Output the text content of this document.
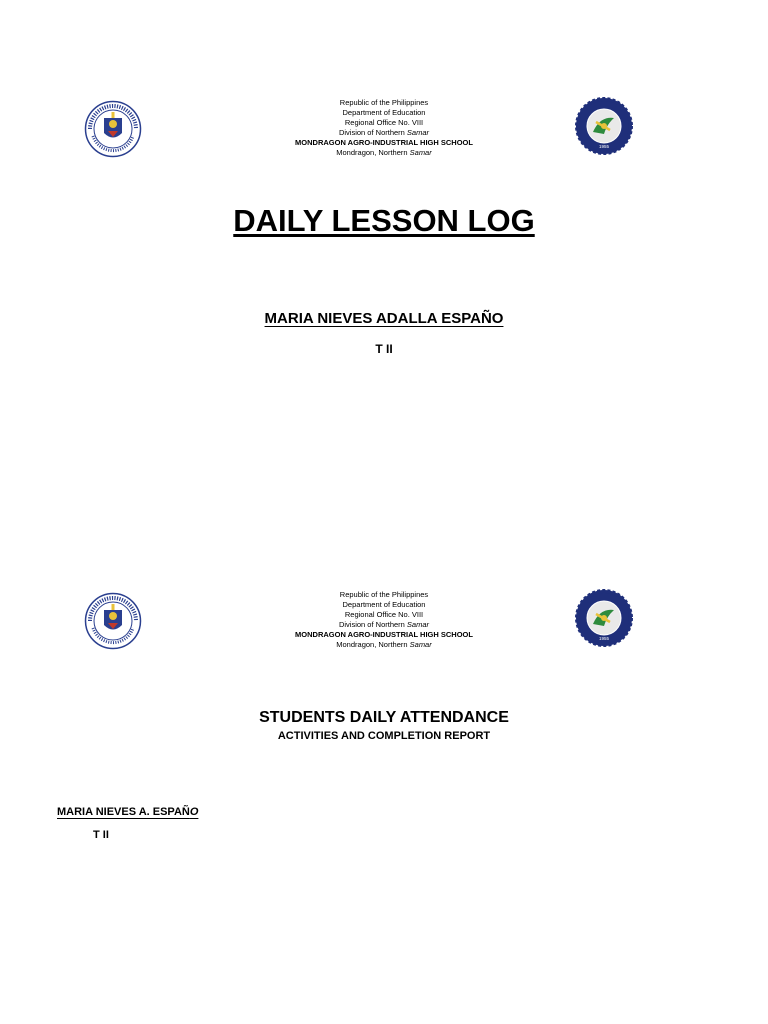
Republic of the Philippines
Department of Education
Regional Office No. VIII
Division of Northern Samar
MONDRAGON AGRO-INDUSTRIAL HIGH SCHOOL
Mondragon, Northern Samar
1955
DAILY LESSON LOG
MARIA NIEVES ADALLA ESPAÑO
T II
Republic of the Philippines
Department of Education
Regional Office No. VIII
Division of Northern Samar
MONDRAGON AGRO-INDUSTRIAL HIGH SCHOOL
Mondragon, Northern Samar
1955
STUDENTS DAILY ATTENDANCE
ACTIVITIES AND COMPLETION REPORT
MARIA NIEVES A. ESPAÑO
T II
